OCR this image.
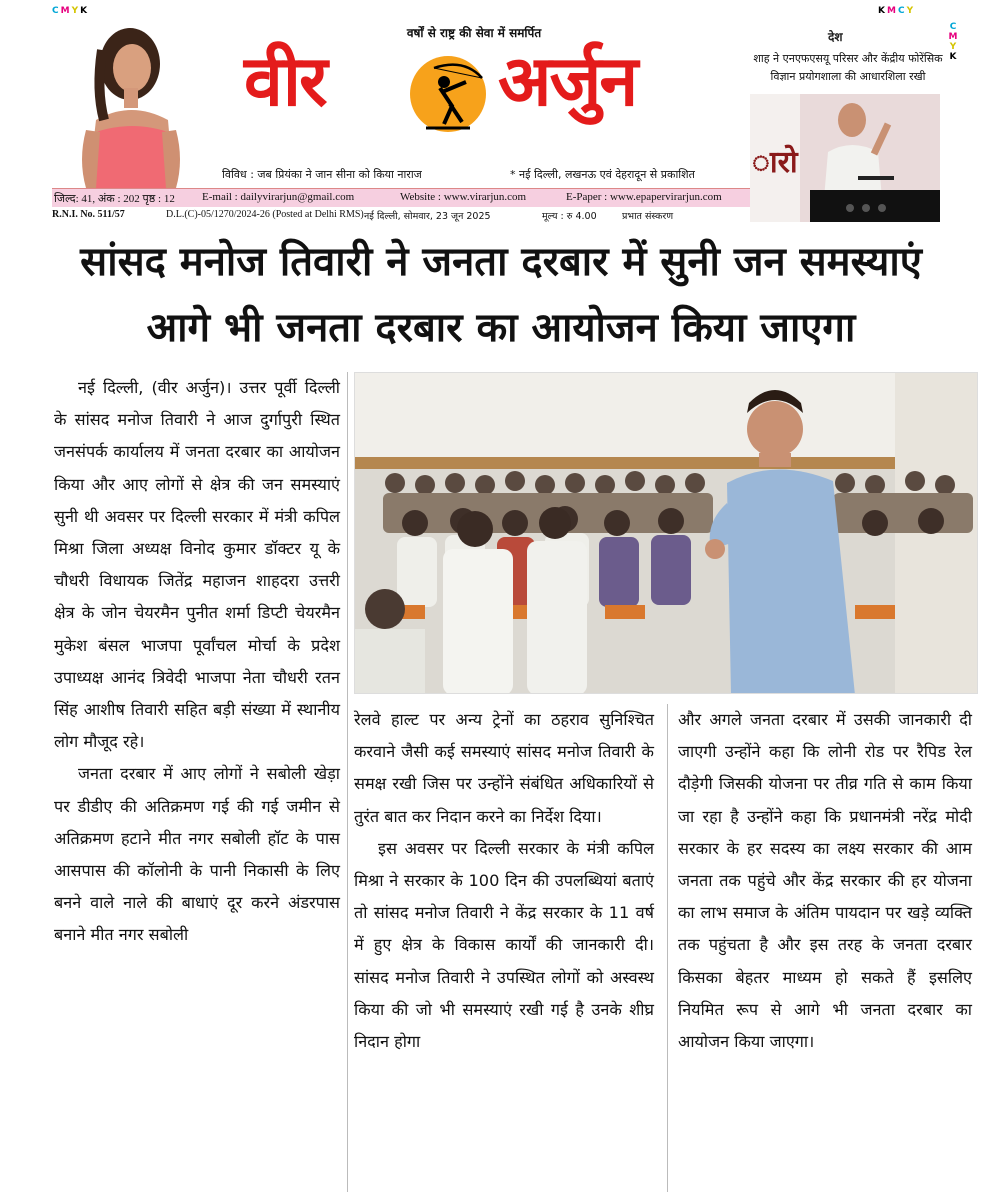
CMYK	KMCY
C
M
Y
K
वर्षों से राष्ट्र की सेवा में समर्पित
वीर अर्जुन
विविध : जब प्रियंका ने जान सीना को किया नाराज	* नई दिल्ली, लखनऊ एवं देहरादून से प्रकाशित
जिल्द: 41, अंक : 202 पृष्ठ : 12 E-mail : dailyvirarjun@gmail.com	Website : www.virarjun.com	E-Paper : www.epapervirarjun.com
R.N.I. No. 511/57	D.L.(C)-05/1270/2024-26 (Posted at Delhi RMS) नई दिल्ली, सोमवार, 23 जून 2025	मूल्य : रु 4.00	प्रभात संस्करण
देश
शाह ने एनएफएसयू परिसर और केंद्रीय फोरेंसिक विज्ञान प्रयोगशाला की आधारशिला रखी
ारो
सांसद मनोज तिवारी ने जनता दरबार में सुनी जन समस्याएं
आगे भी जनता दरबार का आयोजन किया जाएगा

नई दिल्ली, (वीर अर्जुन)। उत्तर पूर्वी दिल्ली के सांसद मनोज तिवारी ने आज दुर्गापुरी स्थित जनसंपर्क कार्यालय में जनता दरबार का आयोजन किया और आए लोगों से क्षेत्र की जन समस्याएं सुनी थी अवसर पर दिल्ली सरकार में मंत्री कपिल मिश्रा जिला अध्यक्ष विनोद कुमार डॉक्टर यू के चौधरी विधायक जितेंद्र महाजन शाहदरा उत्तरी क्षेत्र के जोन चेयरमैन पुनीत शर्मा डिप्टी चेयरमैन मुकेश बंसल भाजपा पूर्वांचल मोर्चा के प्रदेश उपाध्यक्ष आनंद त्रिवेदी भाजपा नेता चौधरी रतन सिंह आशीष तिवारी सहित बड़ी संख्या में स्थानीय लोग मौजूद रहे।

जनता दरबार में आए लोगों ने सबोली खेड़ा पर डीडीए की अतिक्रमण गई की गई जमीन से अतिक्रमण हटाने मीत नगर सबोली हॉट के पास आसपास की कॉलोनी के पानी निकासी के लिए बनने वाले नाले की बाधाएं दूर करने अंडरपास बनाने मीत नगर सबोली

रेलवे हाल्ट पर अन्य ट्रेनों का ठहराव सुनिश्चित करवाने जैसी कई समस्याएं सांसद मनोज तिवारी के समक्ष रखी जिस पर उन्होंने संबंधित अधिकारियों से तुरंत बात कर निदान करने का निर्देश दिया।

इस अवसर पर दिल्ली सरकार के मंत्री कपिल मिश्रा ने सरकार के 100 दिन की उपलब्धियां बताएं तो सांसद मनोज तिवारी ने केंद्र सरकार के 11 वर्ष में हुए क्षेत्र के विकास कार्यों की जानकारी दी। सांसद मनोज तिवारी ने उपस्थित लोगों को अस्वस्थ किया की जो भी समस्याएं रखी गई है उनके शीघ्र निदान होगा

और अगले जनता दरबार में उसकी जानकारी दी जाएगी उन्होंने कहा कि लोनी रोड पर रैपिड रेल दौड़ेगी जिसकी योजना पर तीव्र गति से काम किया जा रहा है उन्होंने कहा कि प्रधानमंत्री नरेंद्र मोदी सरकार के हर सदस्य का लक्ष्य सरकार की आम जनता तक पहुंचे और केंद्र सरकार की हर योजना का लाभ समाज के अंतिम पायदान पर खड़े व्यक्ति तक पहुंचता है और इस तरह के जनता दरबार किसका बेहतर माध्यम हो सकते हैं इसलिए नियमित रूप से आगे भी जनता दरबार का आयोजन किया जाएगा।
